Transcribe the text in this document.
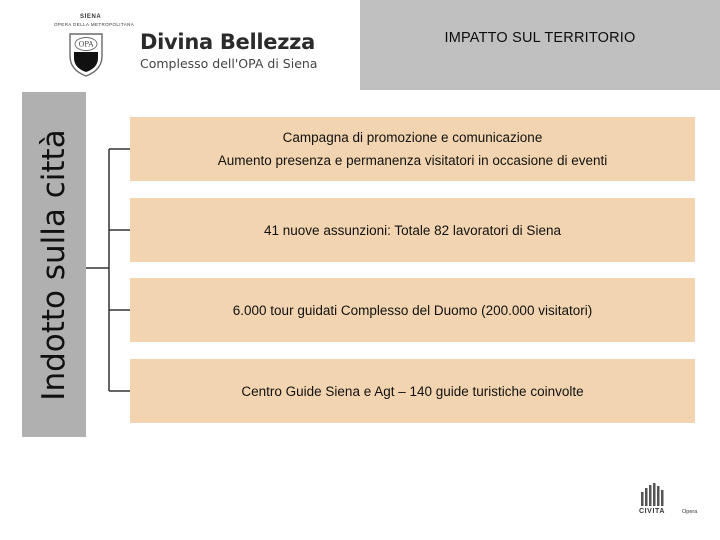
SIENA
OPERA DELLA METROPOLITANA
OPA Divina Bellezza
Complesso dell'OPA di Siena
IMPATTO SUL TERRITORIO
Indotto sulla città	Campagna di promozione e comunicazione
Aumento presenza e permanenza visitatori in occasione di eventi
41 nuove assunzioni: Totale 82 lavoratori di Siena
6.000 tour guidati Complesso del Duomo (200.000 visitatori)
Centro Guide Siena e Agt – 140 guide turistiche coinvolte
CIVITA	Opera
